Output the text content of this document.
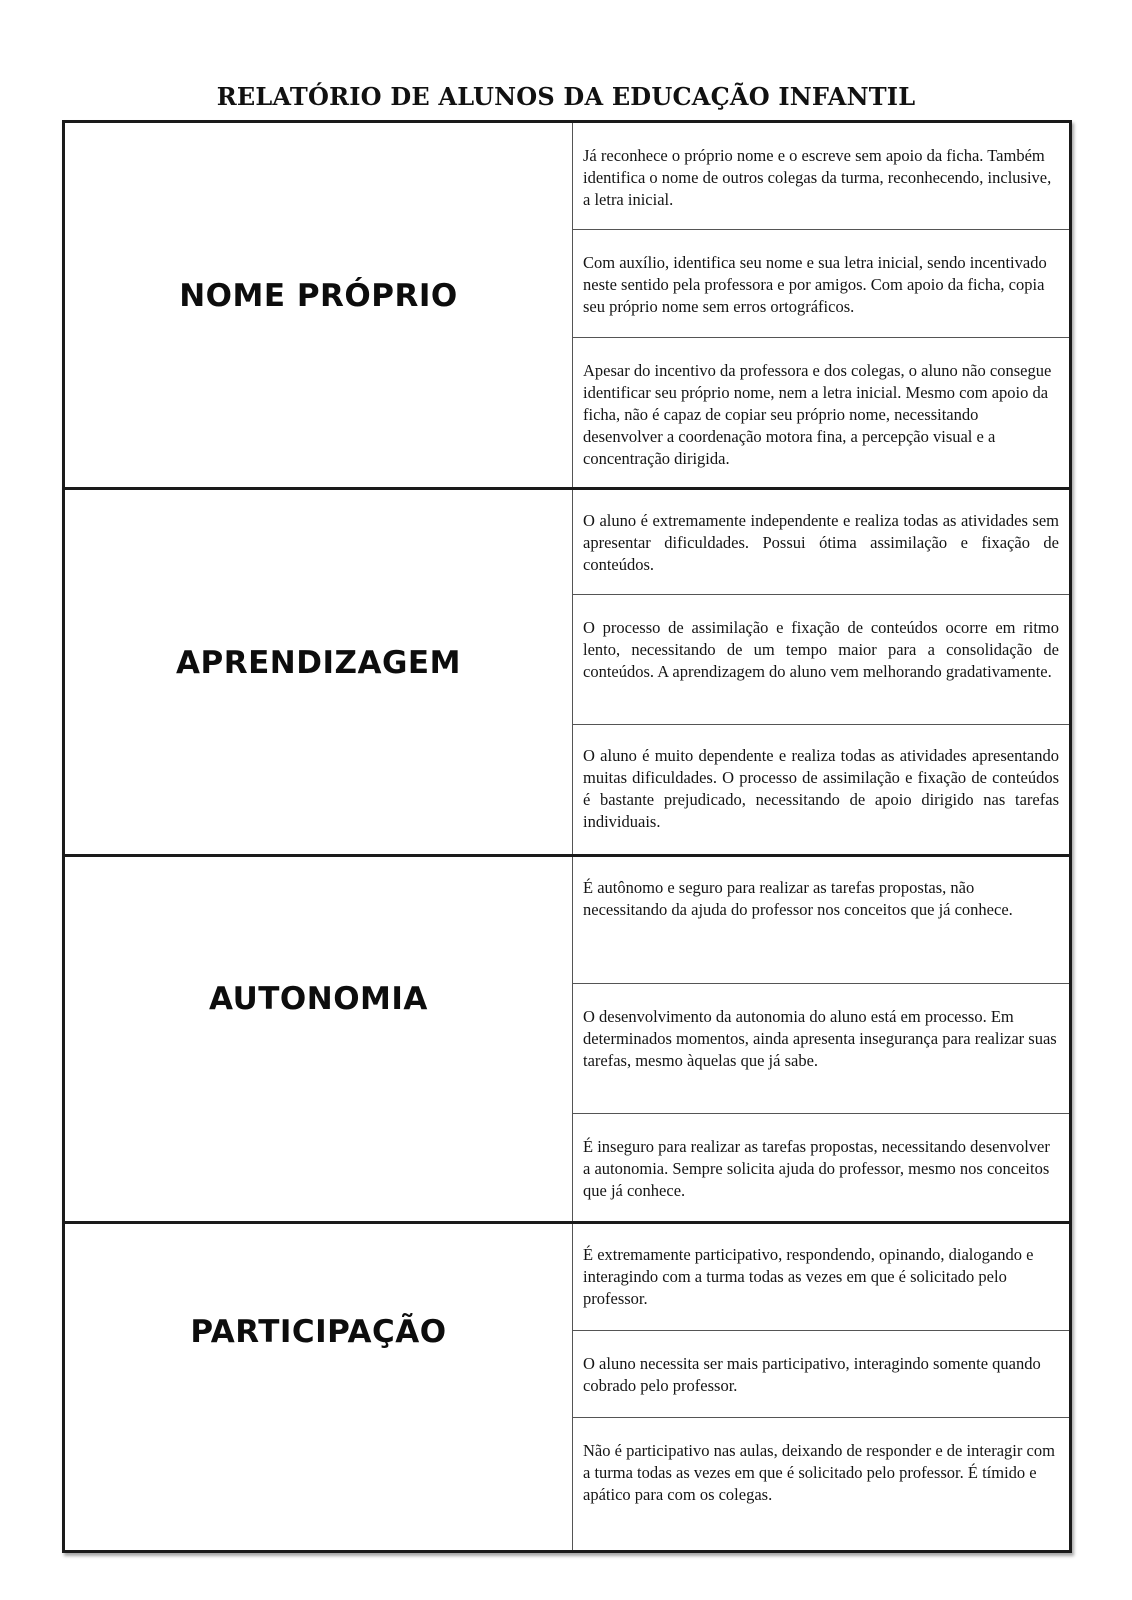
RELATÓRIO DE ALUNOS DA EDUCAÇÃO INFANTIL
NOME PRÓPRIO
Já reconhece o próprio nome e o escreve sem apoio da ficha. Também identifica o nome de outros colegas da turma, reconhecendo, inclusive, a letra inicial.
Com auxílio, identifica seu nome e sua letra inicial, sendo incentivado neste sentido pela professora e por amigos. Com apoio da ficha, copia seu próprio nome sem erros ortográficos.
Apesar do incentivo da professora e dos colegas, o aluno não consegue identificar seu próprio nome, nem a letra inicial. Mesmo com apoio da ficha, não é capaz de copiar seu próprio nome, necessitando desenvolver a coordenação motora fina, a percepção visual e a concentração dirigida.
APRENDIZAGEM
O aluno é extremamente independente e realiza todas as atividades sem apresentar dificuldades. Possui ótima assimilação e fixação de conteúdos.
O processo de assimilação e fixação de conteúdos ocorre em ritmo lento, necessitando de um tempo maior para a consolidação de conteúdos. A aprendizagem do aluno vem melhorando gradativamente.
O aluno é muito dependente e realiza todas as atividades apresentando muitas dificuldades. O processo de assimilação e fixação de conteúdos é bastante prejudicado, necessitando de apoio dirigido nas tarefas individuais.
AUTONOMIA
É autônomo e seguro para realizar as tarefas propostas, não necessitando da ajuda do professor nos conceitos que já conhece.
O desenvolvimento da autonomia do aluno está em processo. Em determinados momentos, ainda apresenta insegurança para realizar suas tarefas, mesmo àquelas que já sabe.
É inseguro para realizar as tarefas propostas, necessitando desenvolver a autonomia. Sempre solicita ajuda do professor, mesmo nos conceitos que já conhece.
PARTICIPAÇÃO
É extremamente participativo, respondendo, opinando, dialogando e interagindo com a turma todas as vezes em que é solicitado pelo professor.
O aluno necessita ser mais participativo, interagindo somente quando cobrado pelo professor.
Não é participativo nas aulas, deixando de responder e de interagir com a turma todas as vezes em que é solicitado pelo professor. É tímido e apático para com os colegas.
